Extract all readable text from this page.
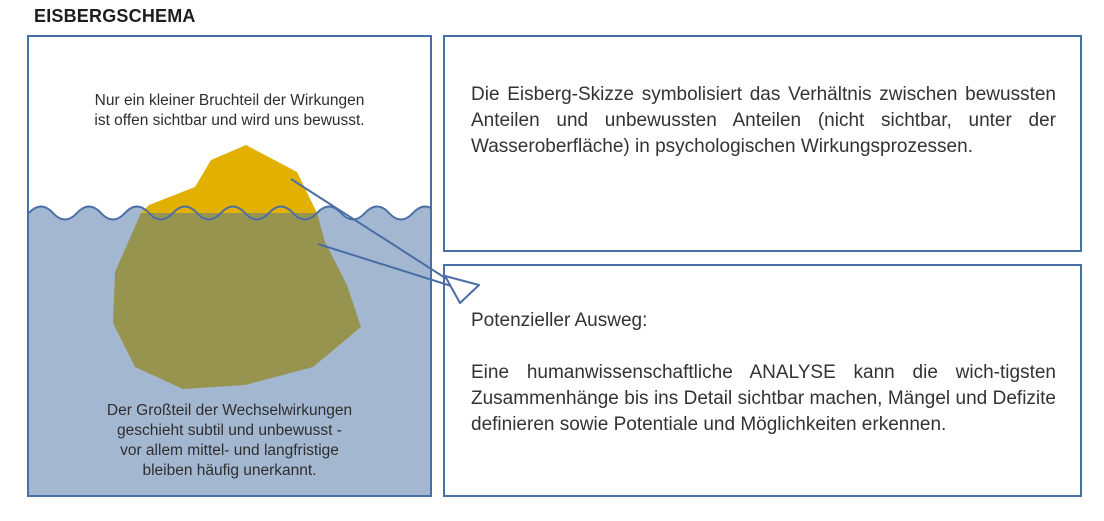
EISBERGSCHEMA
Nur ein kleiner Bruchteil der Wirkungen
ist offen sichtbar und wird uns bewusst.
Der Großteil der Wechselwirkungen
geschieht subtil und unbewusst -
vor allem mittel- und langfristige
bleiben häufig unerkannt.
Die Eisberg-Skizze symbolisiert das Verhältnis zwischen bewussten Anteilen und unbewussten Anteilen (nicht sichtbar, unter der Wasseroberfläche) in psychologischen Wirkungsprozessen.
Potenzieller Ausweg:
Eine humanwissenschaftliche ANALYSE kann die wich-tigsten Zusammenhänge bis ins Detail sichtbar machen, Mängel und Defizite definieren sowie Potentiale und Möglichkeiten erkennen.
